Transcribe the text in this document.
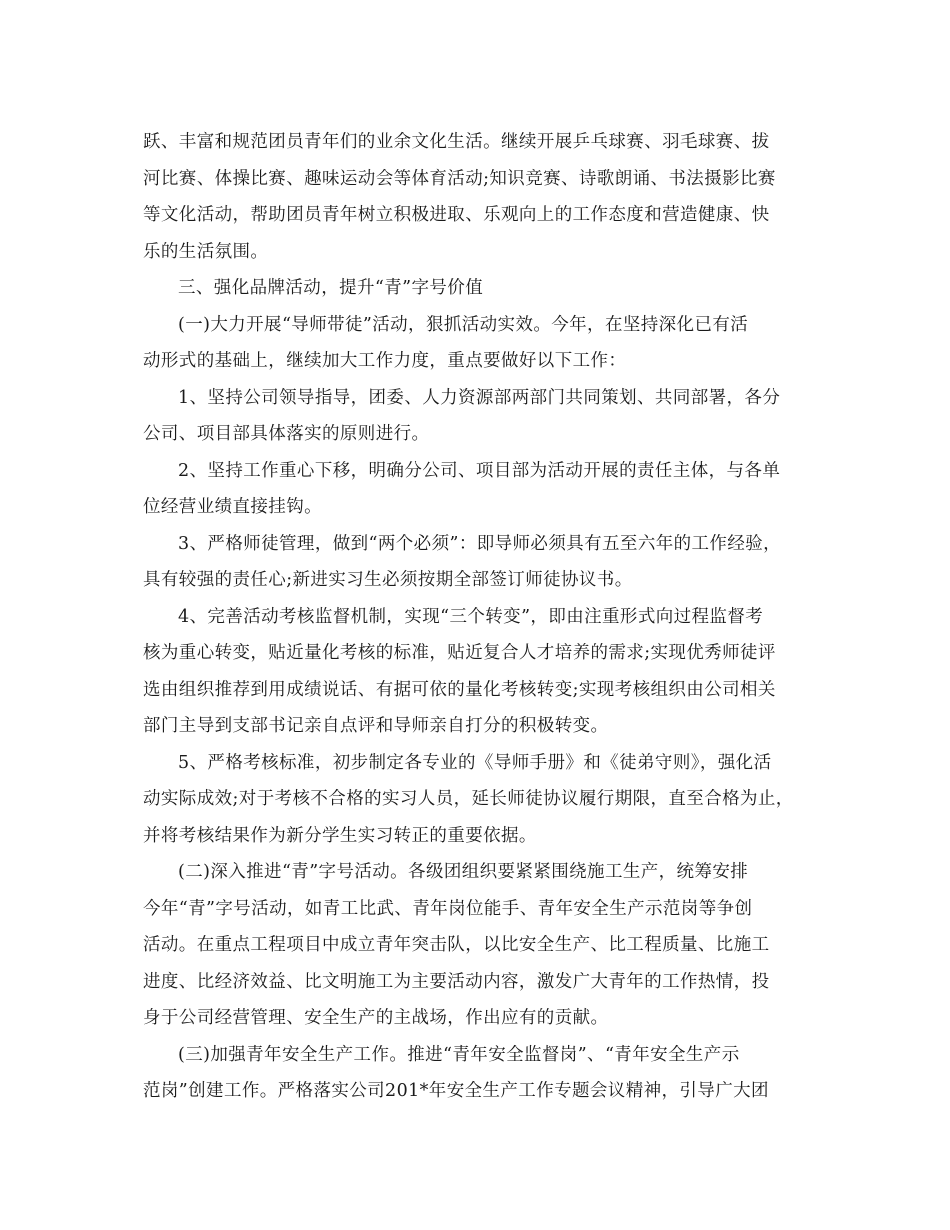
跃、丰富和规范团员青年们的业余文化生活。继续开展乒乓球赛、羽毛球赛、拔
河比赛、体操比赛、趣味运动会等体育活动;知识竞赛、诗歌朗诵、书法摄影比赛
等文化活动，帮助团员青年树立积极进取、乐观向上的工作态度和营造健康、快
乐的生活氛围。
三、强化品牌活动，提升“青”字号价值
(一)大力开展“导师带徒”活动，狠抓活动实效。今年，在坚持深化已有活
动形式的基础上，继续加大工作力度，重点要做好以下工作：
1、坚持公司领导指导，团委、人力资源部两部门共同策划、共同部署，各分
公司、项目部具体落实的原则进行。
2、坚持工作重心下移，明确分公司、项目部为活动开展的责任主体，与各单
位经营业绩直接挂钩。
3、严格师徒管理，做到“两个必须”：即导师必须具有五至六年的工作经验，
具有较强的责任心;新进实习生必须按期全部签订师徒协议书。
4、完善活动考核监督机制，实现“三个转变”，即由注重形式向过程监督考
核为重心转变，贴近量化考核的标准，贴近复合人才培养的需求;实现优秀师徒评
选由组织推荐到用成绩说话、有据可依的量化考核转变;实现考核组织由公司相关
部门主导到支部书记亲自点评和导师亲自打分的积极转变。
5、严格考核标准，初步制定各专业的《导师手册》和《徒弟守则》，强化活
动实际成效;对于考核不合格的实习人员，延长师徒协议履行期限，直至合格为止，
并将考核结果作为新分学生实习转正的重要依据。
(二)深入推进“青”字号活动。各级团组织要紧紧围绕施工生产，统筹安排
今年“青”字号活动，如青工比武、青年岗位能手、青年安全生产示范岗等争创
活动。在重点工程项目中成立青年突击队，以比安全生产、比工程质量、比施工
进度、比经济效益、比文明施工为主要活动内容，激发广大青年的工作热情，投
身于公司经营管理、安全生产的主战场，作出应有的贡献。
(三)加强青年安全生产工作。推进“青年安全监督岗”、“青年安全生产示
范岗”创建工作。严格落实公司201*年安全生产工作专题会议精神，引导广大团
